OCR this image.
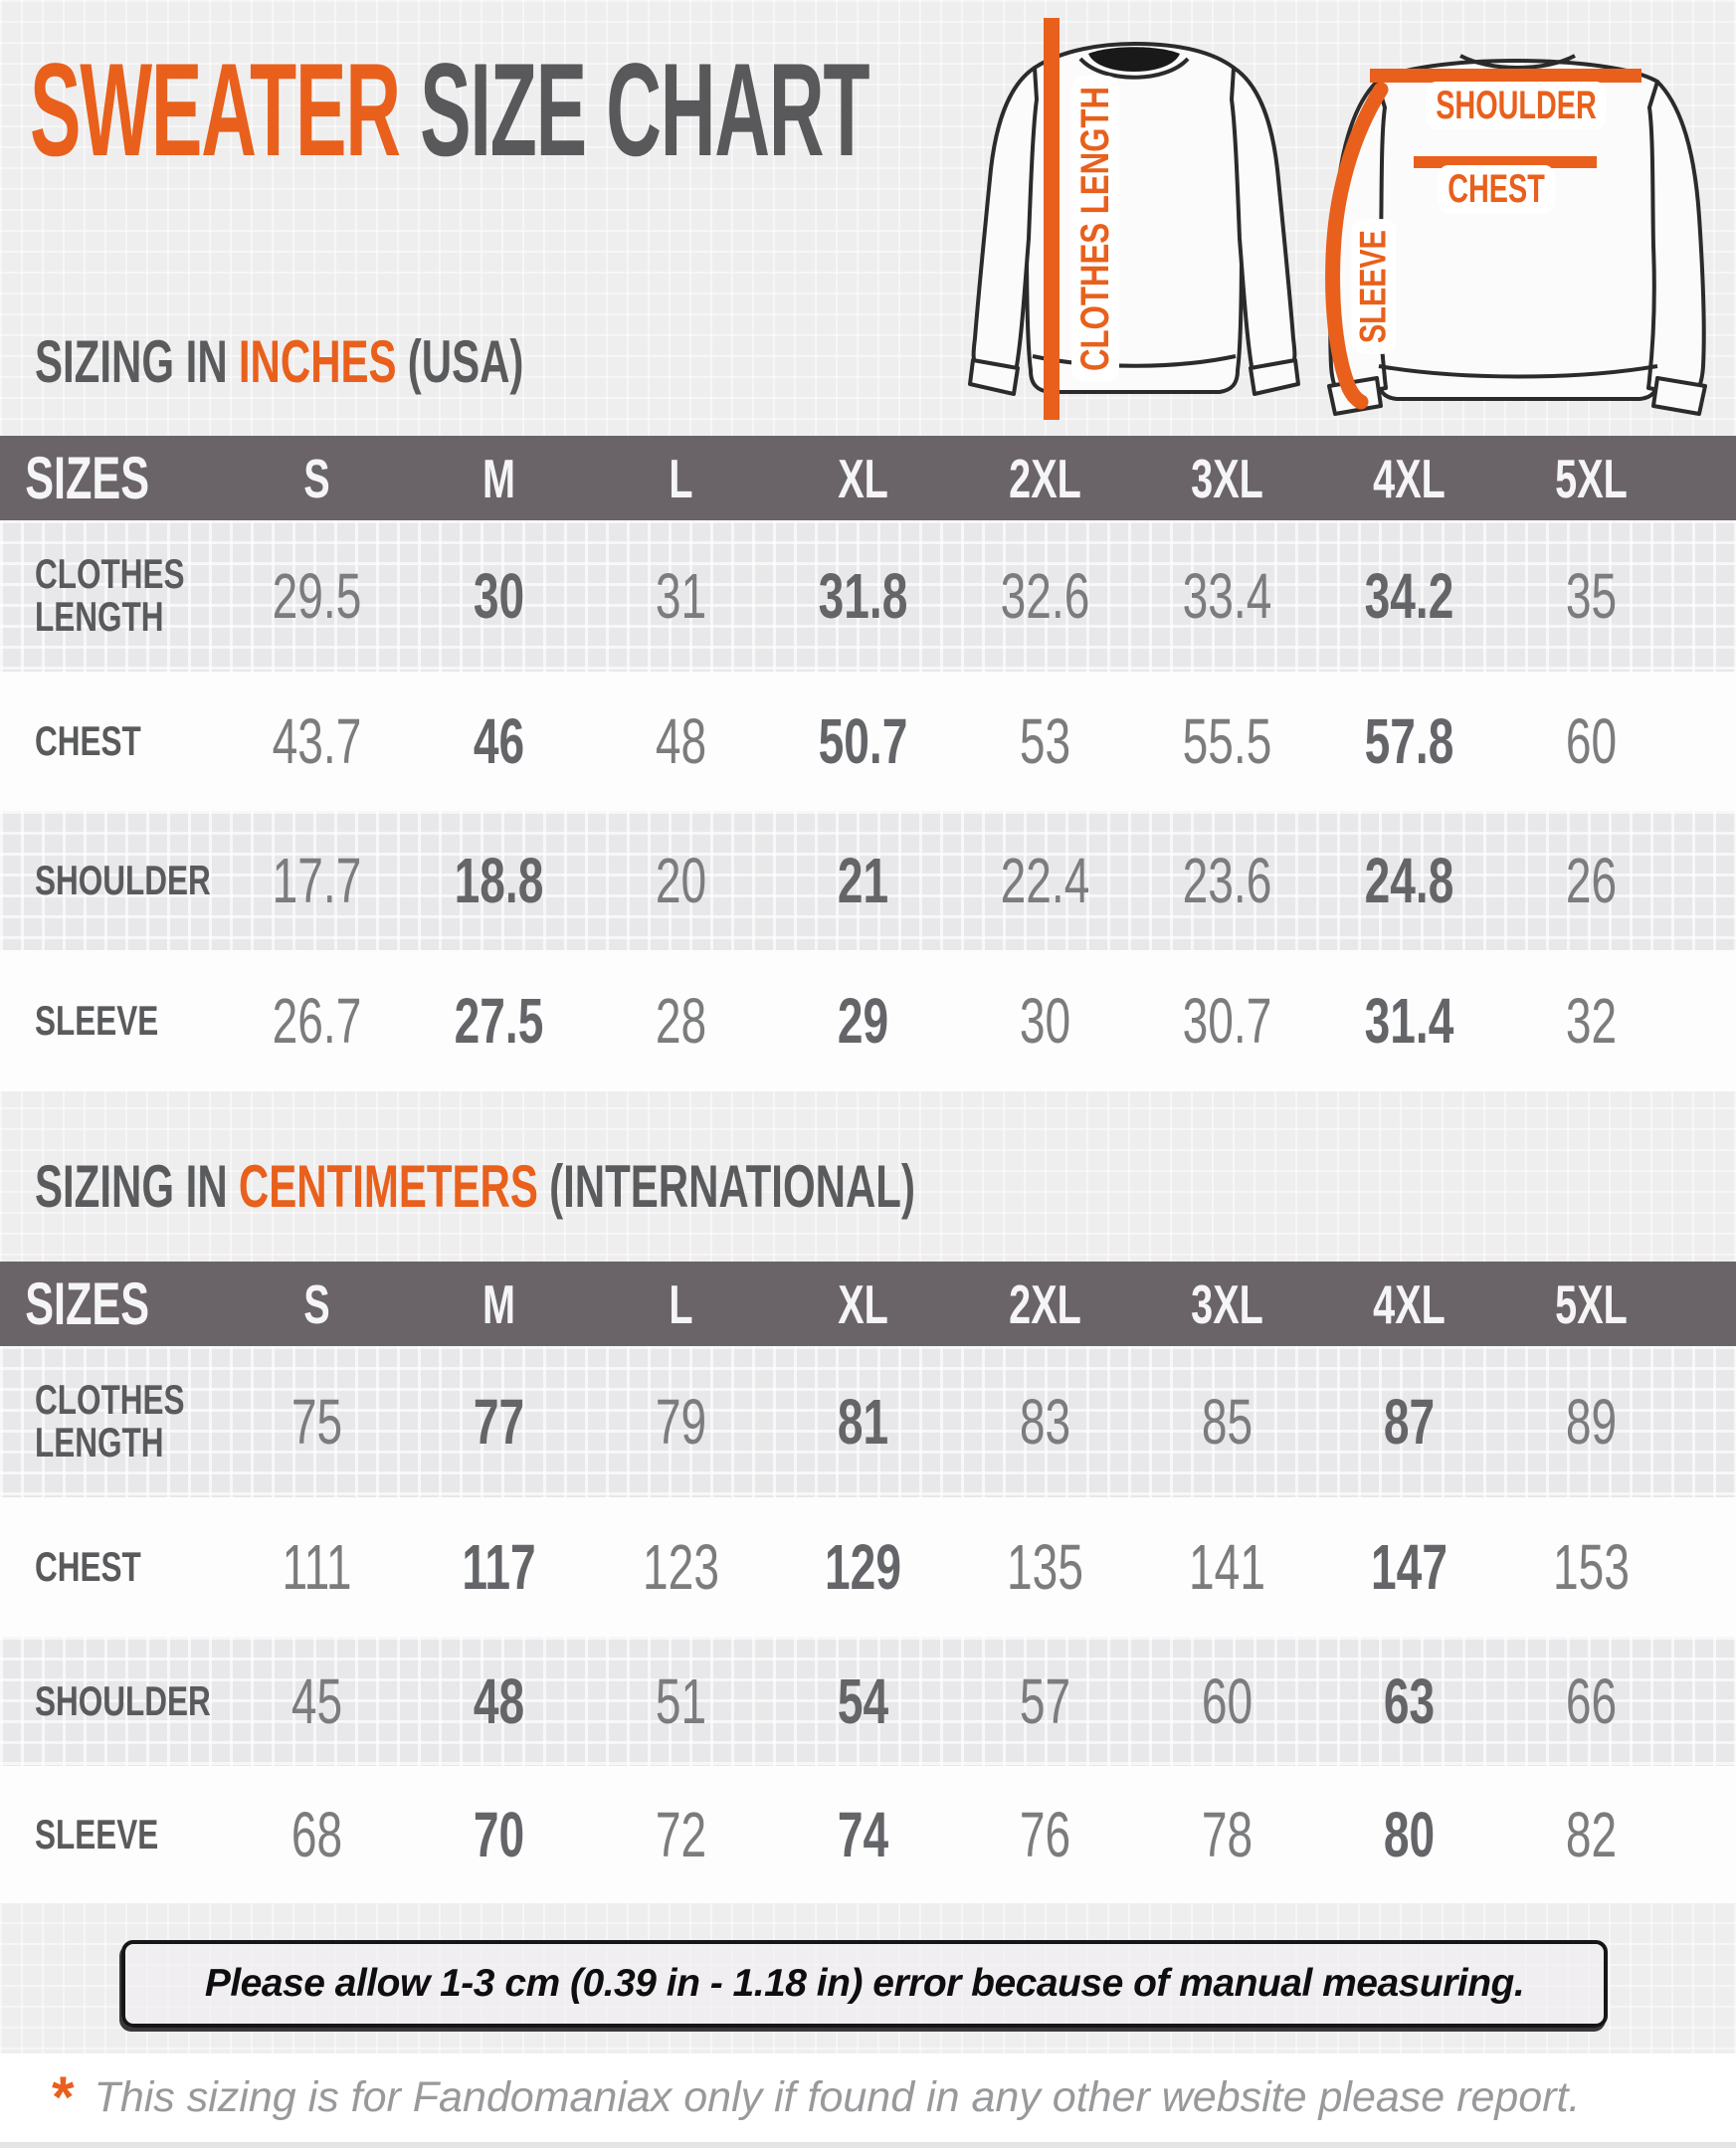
SWEATER SIZE CHART	CLOTHES LENGTH	SHOULDER
CHEST
SLEEVE
SIZING IN INCHES (USA)
SIZES	S	M	L	XL	2XL	3XL	4XL	5XL
CLOTHES LENGTH	29.5	30	31	31.8	32.6	33.4	34.2	35
CHEST	43.7	46	48	50.7	53	55.5	57.8	60
SHOULDER 17.7	18.8	20	21	22.4	23.6	24.8	26
SLEEVE	26.7	27.5	28	29	30	30.7	31.4	32
SIZING IN CENTIMETERS (INTERNATIONAL)
SIZES	S	M	L	XL	2XL	3XL	4XL	5XL
CLOTHES LENGTH	75	77	79	81	83	85	87	89
CHEST	111	117	123	129	135	141	147	153
SHOULDER	45	48	51	54	57	60	63	66
SLEEVE	68	70	72	74	76	78	80	82
Please allow 1-3 cm (0.39 in - 1.18 in) error because of manual measuring.
* This sizing is for Fandomaniax only if found in any other website please report.
